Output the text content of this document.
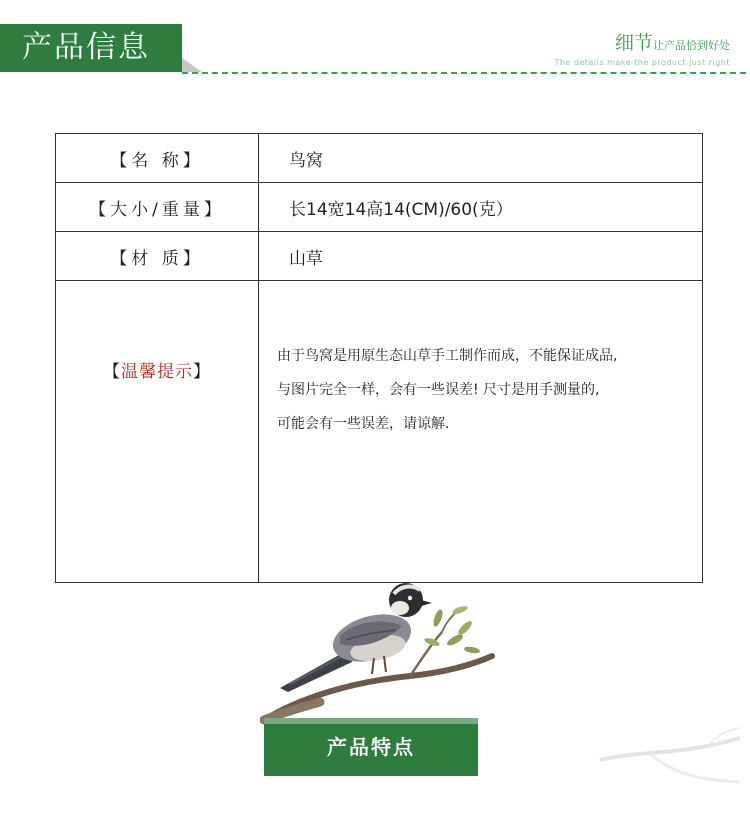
产品信息	细节让产品恰到好处
The details make the product just right
【名 称】	鸟窝
【大小/重量】	长14宽14高14(CM)/60(克）
【材 质】	山草
【温馨提示】	由于鸟窝是用原生态山草手工制作而成，不能保证成品,

与图片完全一样，会有一些误差! 尺寸是用手测量的,

可能会有一些误差，请谅解.

产品特点
